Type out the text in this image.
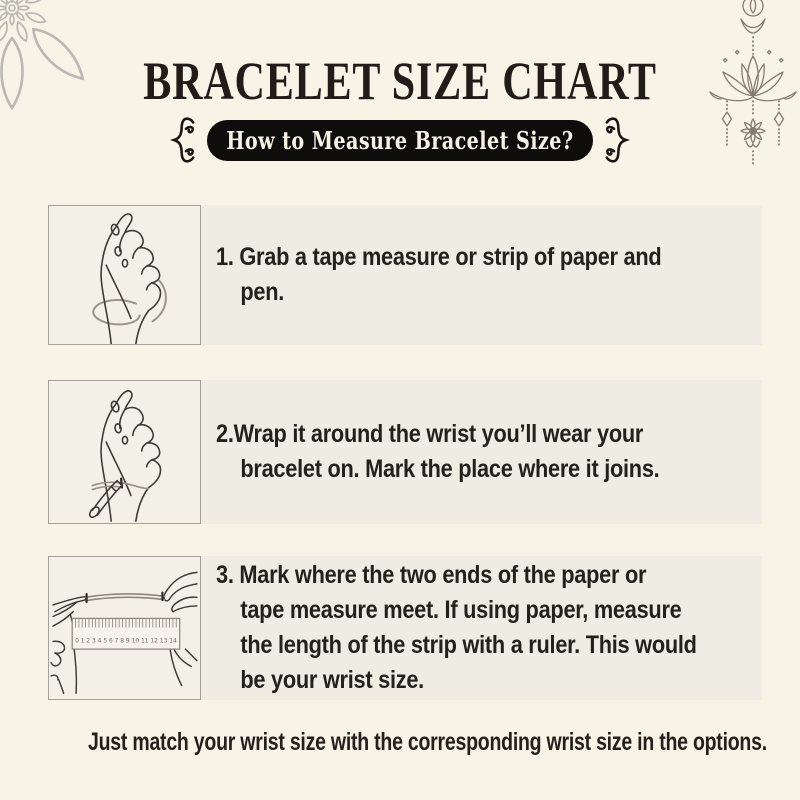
BRACELET SIZE CHART
How to Measure Bracelet Size?
1. Grab a tape measure or strip of paper and
pen.
2.Wrap it around the wrist you’ll wear your
bracelet on. Mark the place where it joins.
0 1 2 3 4 5 6 7 8 9 10 11 12 13 14
3. Mark where the two ends of the paper or
tape measure meet. If using paper, measure
the length of the strip with a ruler. This would
be your wrist size.

Just match your wrist size with the corresponding wrist size in the options.
